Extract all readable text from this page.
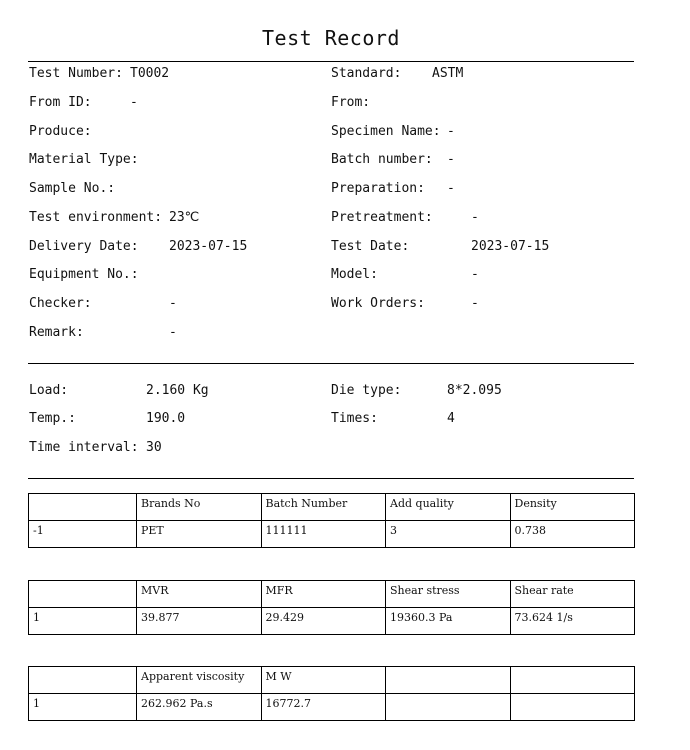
Test Record
Test Number: T0002	Standard: ASTM
From ID:	-	From:
Produce:	Specimen Name: -
Material Type:	Batch number: -
Sample No.:	Preparation: -
Test environment: 23℃	Pretreatment:	-
Delivery Date: 2023-07-15	Test Date:	2023-07-15
Equipment No.:	Model:	-
Checker:	-	Work Orders:	-
Remark:	-
Load:	2.160 Kg	Die type:	8*2.095
Temp.:	190.0	Times:	4
Time interval: 30
	Brands No	Batch Number	Add quality	Density
-1	PET	111111	3	0.738
	MVR	MFR	Shear stress	Shear rate
1	39.877	29.429	19360.3 Pa	73.624 1/s
	Apparent viscosity	M W		
1	262.962 Pa.s	16772.7		
